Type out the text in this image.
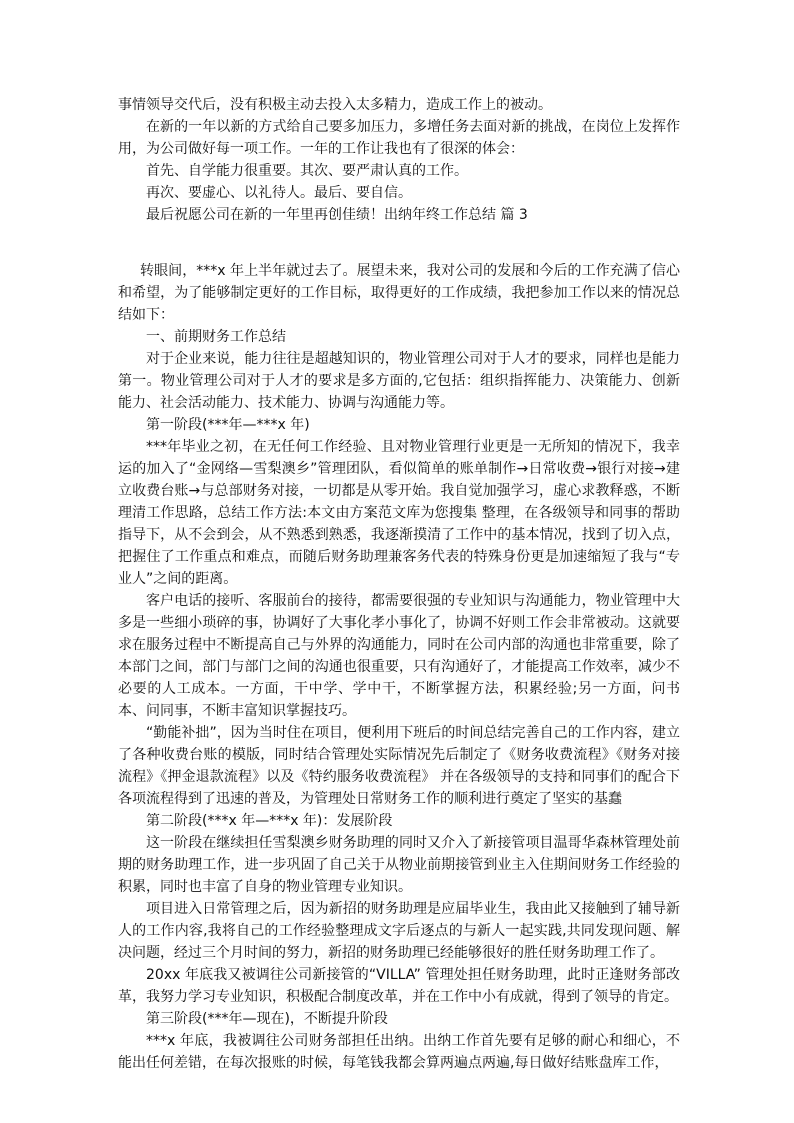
事情领导交代后，没有积极主动去投入太多精力，造成工作上的被动。

在新的一年以新的方式给自己要多加压力，多增任务去面对新的挑战，在岗位上发挥作用，为公司做好每一项工作。一年的工作让我也有了很深的体会：

首先、自学能力很重要。其次、要严肃认真的工作。

再次、要虚心、以礼待人。最后、要自信。

最后祝愿公司在新的一年里再创佳绩！出纳年终工作总结 篇 3

转眼间，***x 年上半年就过去了。展望未来，我对公司的发展和今后的工作充满了信心和希望，为了能够制定更好的工作目标，取得更好的工作成绩，我把参加工作以来的情况总结如下：

一、前期财务工作总结

对于企业来说，能力往往是超越知识的，物业管理公司对于人才的要求，同样也是能力第一。物业管理公司对于人才的要求是多方面的,它包括：组织指挥能力、决策能力、创新能力、社会活动能力、技术能力、协调与沟通能力等。

第一阶段(***年—***x 年)

***年毕业之初，在无任何工作经验、且对物业管理行业更是一无所知的情况下，我幸运的加入了“金网络—雪梨澳乡”管理团队，看似简单的账单制作→日常收费→银行对接→建立收费台账→与总部财务对接，一切都是从零开始。我自觉加强学习，虚心求教释惑，不断理清工作思路，总结工作方法:本文由方案范文库为您搜集 整理，在各级领导和同事的帮助指导下，从不会到会，从不熟悉到熟悉，我逐渐摸清了工作中的基本情况，找到了切入点，把握住了工作重点和难点，而随后财务助理兼客务代表的特殊身份更是加速缩短了我与“专业人”之间的距离。

客户电话的接听、客服前台的接待，都需要很强的专业知识与沟通能力，物业管理中大多是一些细小琐碎的事，协调好了大事化孝小事化了，协调不好则工作会非常被动。这就要求在服务过程中不断提高自己与外界的沟通能力，同时在公司内部的沟通也非常重要，除了本部门之间，部门与部门之间的沟通也很重要，只有沟通好了，才能提高工作效率，减少不必要的人工成本。一方面，干中学、学中干，不断掌握方法，积累经验;另一方面，问书本、问同事，不断丰富知识掌握技巧。

“勤能补拙”，因为当时住在项目，便利用下班后的时间总结完善自己的工作内容，建立了各种收费台账的模版，同时结合管理处实际情况先后制定了《财务收费流程》《财务对接流程》《押金退款流程》以及《特约服务收费流程》 并在各级领导的支持和同事们的配合下各项流程得到了迅速的普及，为管理处日常财务工作的顺利进行奠定了坚实的基蠢

第二阶段(***x 年—***x 年)：发展阶段

这一阶段在继续担任雪梨澳乡财务助理的同时又介入了新接管项目温哥华森林管理处前期的财务助理工作，进一步巩固了自己关于从物业前期接管到业主入住期间财务工作经验的积累，同时也丰富了自身的物业管理专业知识。

项目进入日常管理之后，因为新招的财务助理是应届毕业生，我由此又接触到了辅导新人的工作内容,我将自己的工作经验整理成文字后逐点的与新人一起实践,共同发现问题、解决问题，经过三个月时间的努力，新招的财务助理已经能够很好的胜任财务助理工作了。

20xx 年底我又被调往公司新接管的“VILLA” 管理处担任财务助理，此时正逢财务部改革，我努力学习专业知识，积极配合制度改革，并在工作中小有成就，得到了领导的肯定。

第三阶段(***年—现在)，不断提升阶段

***x 年底，我被调往公司财务部担任出纳。出纳工作首先要有足够的耐心和细心，不能出任何差错，在每次报账的时候，每笔钱我都会算两遍点两遍,每日做好结账盘库工作，
